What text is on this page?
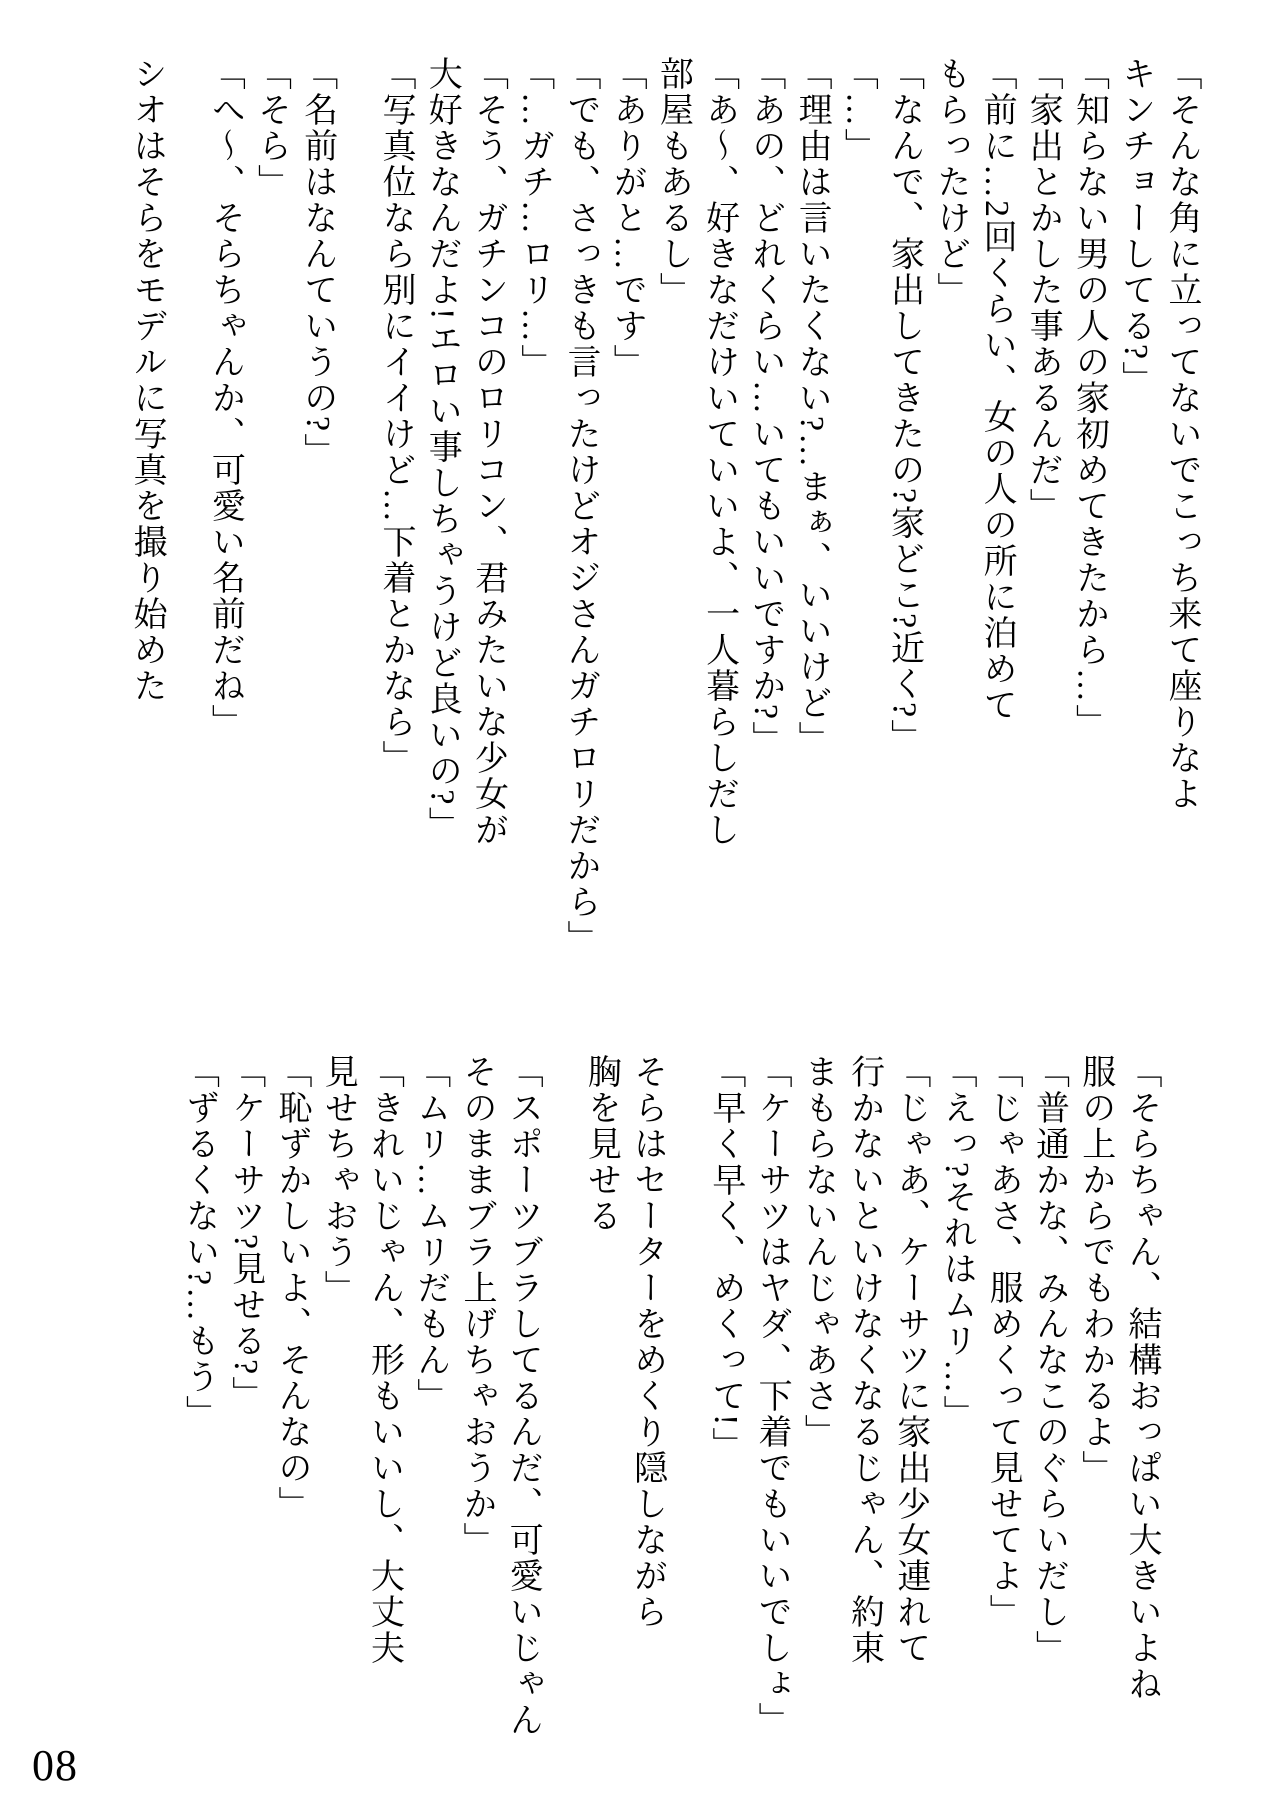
「そんな角に立ってないでこっち来て座りなよ

キンチョーしてる?」

「知らない男の人の家初めてきたから…」

「家出とかした事あるんだ」

「前に…2回くらい、女の人の所に泊めて

もらったけど」

「なんで、家出してきたの?家どこ?近く?」

「…」

「理由は言いたくない?…まぁ、いいけど」

「あの、どれくらい…いてもいいですか?」

「あ〜、好きなだけいていいよ、一人暮らしだし

部屋もあるし」

「ありがと…です」

「でも、さっきも言ったけどオジさんガチロリだから」

「…ガチ…ロリ…」

「そう、ガチンコのロリコン、君みたいな少女が

大好きなんだよ!エロい事しちゃうけど良いの?」

「写真位なら別にイイけど…下着とかなら」

「名前はなんていうの?」

「そら」

「へ〜、そらちゃんか、可愛い名前だね」

シオはそらをモデルに写真を撮り始めた

「そらちゃん、結構おっぱい大きいよね

服の上からでもわかるよ」

「普通かな、みんなこのぐらいだし」

「じゃあさ、服めくって見せてよ」

「えっ?それはムリ…」

「じゃあ、ケーサツに家出少女連れて

行かないといけなくなるじゃん、約束

まもらないんじゃあさ」

「ケーサツはヤダ、下着でもいいでしょ」

「早く早く、めくって!」

そらはセーターをめくり隠しながら

胸を見せる

「スポーツブラしてるんだ、可愛いじゃん

そのままブラ上げちゃおうか」

「ムリ…ムリだもん」

「きれいじゃん、形もいいし、大丈夫

見せちゃおう」

「恥ずかしいよ、そんなの」

「ケーサツ?見せる?」

「ずるくない?…もう」

08
